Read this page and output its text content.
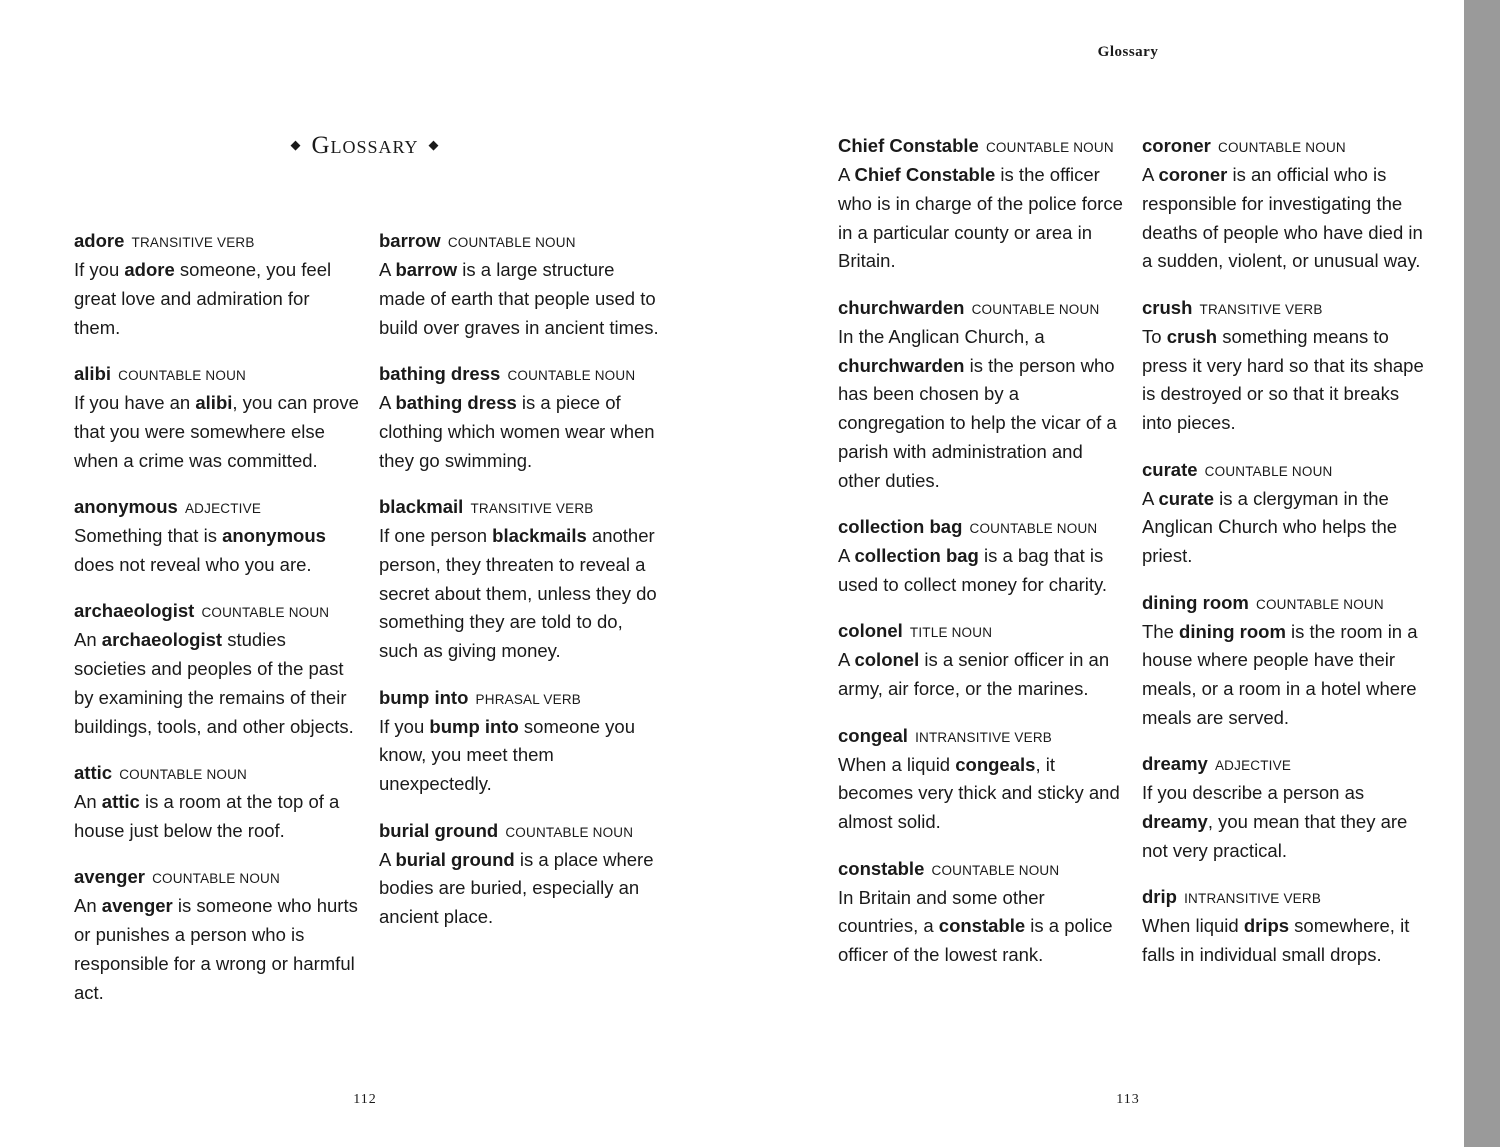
Glossary
◆ Glossary ◆
adore TRANSITIVE VERB
If you adore someone, you feel great love and admiration for them.
alibi COUNTABLE NOUN
If you have an alibi, you can prove that you were somewhere else when a crime was committed.
anonymous ADJECTIVE
Something that is anonymous does not reveal who you are.
archaeologist COUNTABLE NOUN
An archaeologist studies societies and peoples of the past by examining the remains of their buildings, tools, and other objects.
attic COUNTABLE NOUN
An attic is a room at the top of a house just below the roof.
avenger COUNTABLE NOUN
An avenger is someone who hurts or punishes a person who is responsible for a wrong or harmful act.
barrow COUNTABLE NOUN
A barrow is a large structure made of earth that people used to build over graves in ancient times.
bathing dress COUNTABLE NOUN
A bathing dress is a piece of clothing which women wear when they go swimming.
blackmail TRANSITIVE VERB
If one person blackmails another person, they threaten to reveal a secret about them, unless they do something they are told to do, such as giving money.
bump into PHRASAL VERB
If you bump into someone you know, you meet them unexpectedly.
burial ground COUNTABLE NOUN
A burial ground is a place where bodies are buried, especially an ancient place.
Chief Constable COUNTABLE NOUN
A Chief Constable is the officer who is in charge of the police force in a particular county or area in Britain.
churchwarden COUNTABLE NOUN
In the Anglican Church, a churchwarden is the person who has been chosen by a congregation to help the vicar of a parish with administration and other duties.
collection bag COUNTABLE NOUN
A collection bag is a bag that is used to collect money for charity.
colonel TITLE NOUN
A colonel is a senior officer in an army, air force, or the marines.
congeal INTRANSITIVE VERB
When a liquid congeals, it becomes very thick and sticky and almost solid.
constable COUNTABLE NOUN
In Britain and some other countries, a constable is a police officer of the lowest rank.
coroner COUNTABLE NOUN
A coroner is an official who is responsible for investigating the deaths of people who have died in a sudden, violent, or unusual way.
crush TRANSITIVE VERB
To crush something means to press it very hard so that its shape is destroyed or so that it breaks into pieces.
curate COUNTABLE NOUN
A curate is a clergyman in the Anglican Church who helps the priest.
dining room COUNTABLE NOUN
The dining room is the room in a house where people have their meals, or a room in a hotel where meals are served.
dreamy ADJECTIVE
If you describe a person as dreamy, you mean that they are not very practical.
drip INTRANSITIVE VERB
When liquid drips somewhere, it falls in individual small drops.
112	113
